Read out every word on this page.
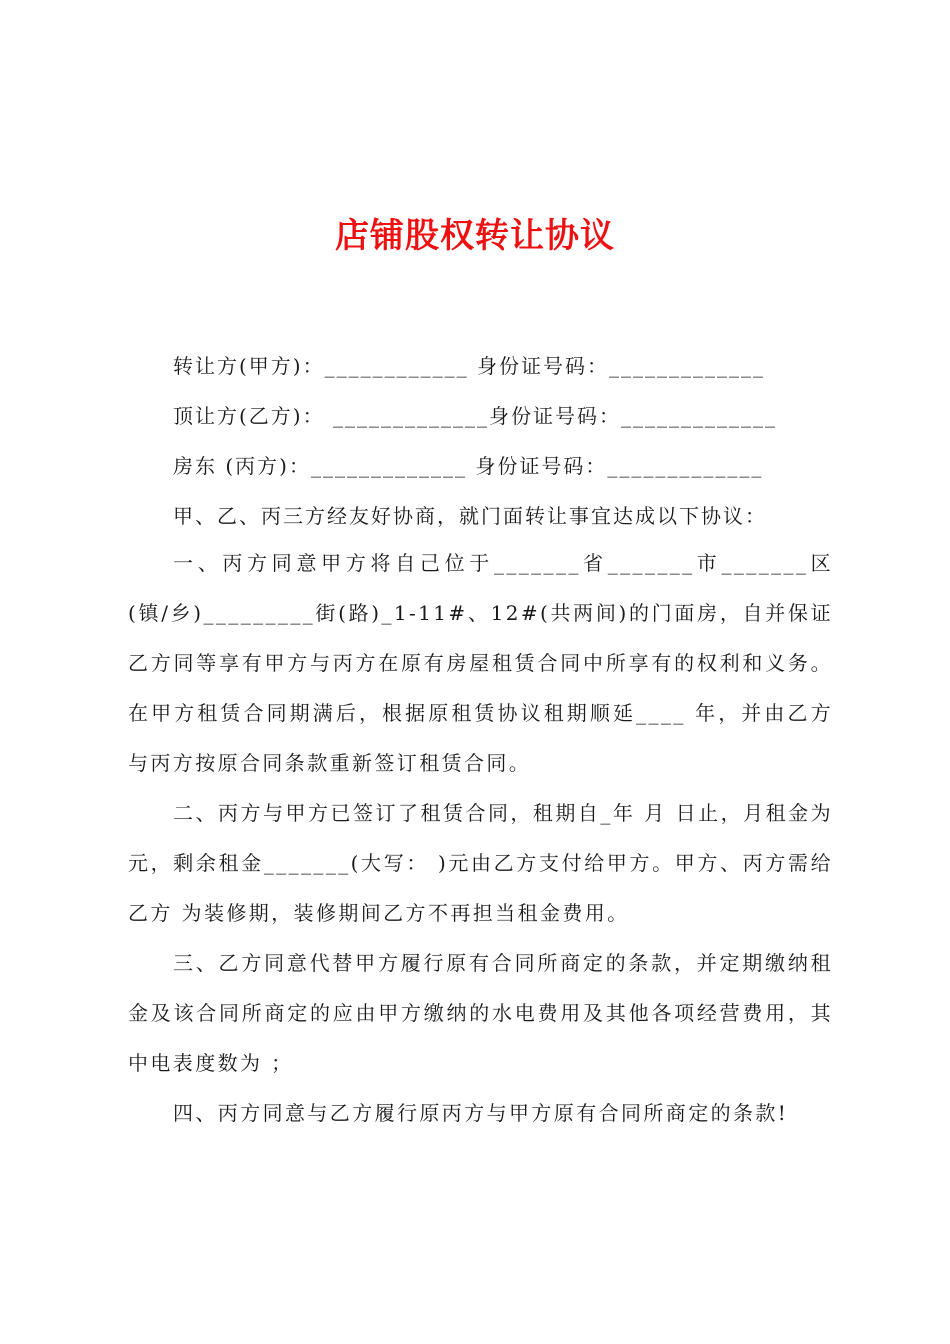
店铺股权转让协议
转让方(甲方)：____________ 身份证号码：_____________
顶让方(乙方)： _____________身份证号码：_____________
房东 (丙方)：_____________ 身份证号码：_____________

甲、乙、丙三方经友好协商，就门面转让事宜达成以下协议：

一、丙方同意甲方将自己位于_______省_______市_______区(镇/乡)_________街(路)_1-11#、12#(共两间)的门面房，自并保证乙方同等享有甲方与丙方在原有房屋租赁合同中所享有的权利和义务。在甲方租赁合同期满后，根据原租赁协议租期顺延____ 年，并由乙方与丙方按原合同条款重新签订租赁合同。

二、丙方与甲方已签订了租赁合同，租期自_年 月 日止，月租金为元，剩余租金_______(大写： )元由乙方支付给甲方。甲方、丙方需给乙方 为装修期，装修期间乙方不再担当租金费用。

三、乙方同意代替甲方履行原有合同所商定的条款，并定期缴纳租金及该合同所商定的应由甲方缴纳的水电费用及其他各项经营费用，其中电表度数为 ；

四、丙方同意与乙方履行原丙方与甲方原有合同所商定的条款!
